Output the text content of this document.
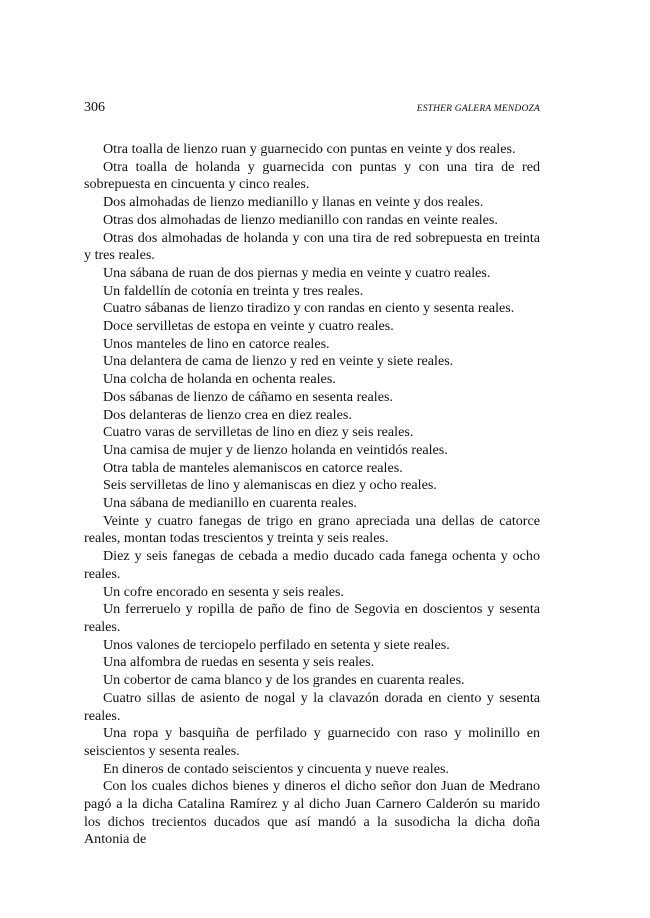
306	ESTHER GALERA MENDOZA

Otra toalla de lienzo ruan y guarnecido con puntas en veinte y dos reales.

Otra toalla de holanda y guarnecida con puntas y con una tira de red sobrepuesta en cincuenta y cinco reales.

Dos almohadas de lienzo medianillo y llanas en veinte y dos reales.

Otras dos almohadas de lienzo medianillo con randas en veinte reales.

Otras dos almohadas de holanda y con una tira de red sobrepuesta en treinta y tres reales.

Una sábana de ruan de dos piernas y media en veinte y cuatro reales.

Un faldellín de cotonía en treinta y tres reales.

Cuatro sábanas de lienzo tiradizo y con randas en ciento y sesenta reales.

Doce servilletas de estopa en veinte y cuatro reales.

Unos manteles de lino en catorce reales.

Una delantera de cama de lienzo y red en veinte y siete reales.

Una colcha de holanda en ochenta reales.

Dos sábanas de lienzo de cáñamo en sesenta reales.

Dos delanteras de lienzo crea en diez reales.

Cuatro varas de servilletas de lino en diez y seis reales.

Una camisa de mujer y de lienzo holanda en veintidós reales.

Otra tabla de manteles alemaniscos en catorce reales.

Seis servilletas de lino y alemaniscas en diez y ocho reales.

Una sábana de medianillo en cuarenta reales.

Veinte y cuatro fanegas de trigo en grano apreciada una dellas de catorce reales, montan todas trescientos y treinta y seis reales.

Diez y seis fanegas de cebada a medio ducado cada fanega ochenta y ocho reales.

Un cofre encorado en sesenta y seis reales.

Un ferreruelo y ropilla de paño de fino de Segovia en doscientos y sesenta reales.

Unos valones de terciopelo perfilado en setenta y siete reales.

Una alfombra de ruedas en sesenta y seis reales.

Un cobertor de cama blanco y de los grandes en cuarenta reales.

Cuatro sillas de asiento de nogal y la clavazón dorada en ciento y sesenta reales.

Una ropa y basquiña de perfilado y guarnecido con raso y molinillo en seiscientos y sesenta reales.

En dineros de contado seiscientos y cincuenta y nueve reales.

Con los cuales dichos bienes y dineros el dicho señor don Juan de Medrano pagó a la dicha Catalina Ramírez y al dicho Juan Carnero Calderón su marido los dichos trecientos ducados que así mandó a la susodicha la dicha doña Antonia de
